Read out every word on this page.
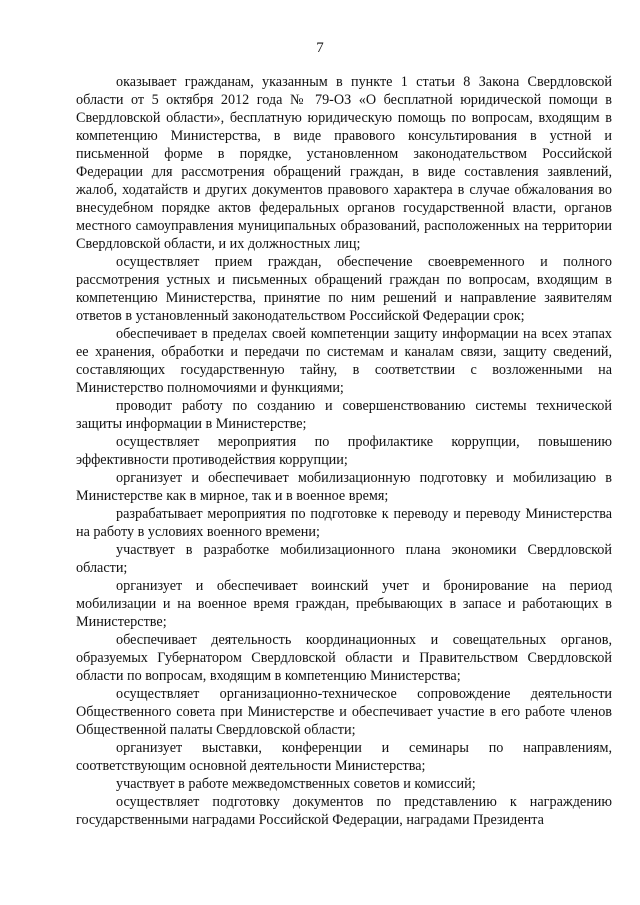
7

оказывает гражданам, указанным в пункте 1 статьи 8 Закона Свердловской области от 5 октября 2012 года № 79-ОЗ «О бесплатной юридической помощи в Свердловской области», бесплатную юридическую помощь по вопросам, входящим в компетенцию Министерства, в виде правового консультирования в устной и письменной форме в порядке, установленном законодательством Российской Федерации для рассмотрения обращений граждан, в виде составления заявлений, жалоб, ходатайств и других документов правового характера в случае обжалования во внесудебном порядке актов федеральных органов государственной власти, органов местного самоуправления муниципальных образований, расположенных на территории Свердловской области, и их должностных лиц;

осуществляет прием граждан, обеспечение своевременного и полного рассмотрения устных и письменных обращений граждан по вопросам, входящим в компетенцию Министерства, принятие по ним решений и направление заявителям ответов в установленный законодательством Российской Федерации срок;

обеспечивает в пределах своей компетенции защиту информации на всех этапах ее хранения, обработки и передачи по системам и каналам связи, защиту сведений, составляющих государственную тайну, в соответствии с возложенными на Министерство полномочиями и функциями;

проводит работу по созданию и совершенствованию системы технической защиты информации в Министерстве;

осуществляет мероприятия по профилактике коррупции, повышению эффективности противодействия коррупции;

организует и обеспечивает мобилизационную подготовку и мобилизацию в Министерстве как в мирное, так и в военное время;

разрабатывает мероприятия по подготовке к переводу и переводу Министерства на работу в условиях военного времени;

участвует в разработке мобилизационного плана экономики Свердловской области;

организует и обеспечивает воинский учет и бронирование на период мобилизации и на военное время граждан, пребывающих в запасе и работающих в Министерстве;

обеспечивает деятельность координационных и совещательных органов, образуемых Губернатором Свердловской области и Правительством Свердловской области по вопросам, входящим в компетенцию Министерства;

осуществляет организационно-техническое сопровождение деятельности Общественного совета при Министерстве и обеспечивает участие в его работе членов Общественной палаты Свердловской области;

организует выставки, конференции и семинары по направлениям, соответствующим основной деятельности Министерства;

участвует в работе межведомственных советов и комиссий;

осуществляет подготовку документов по представлению к награждению государственными наградами Российской Федерации, наградами Президента
